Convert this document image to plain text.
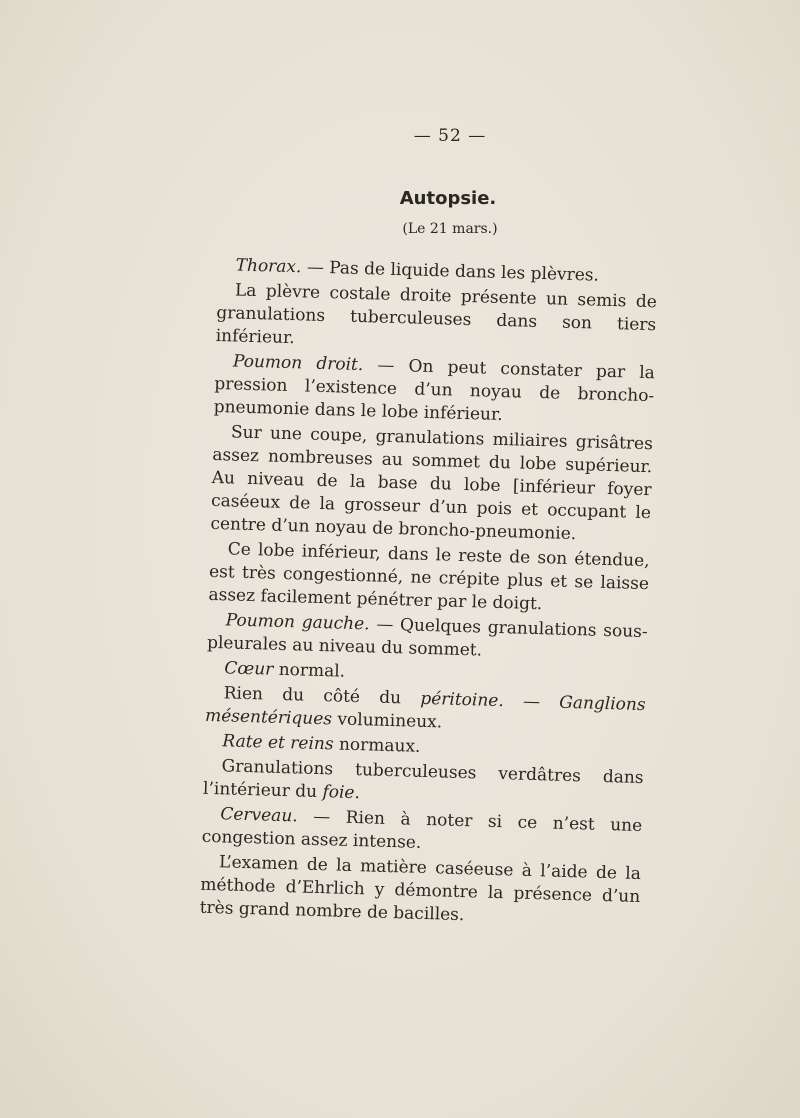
— 52 —
Autopsie.
(Le 21 mars.)

Thorax. — Pas de liquide dans les plèvres.

La plèvre costale droite présente un semis de granulations tuberculeuses dans son tiers inférieur.

Poumon droit. — On peut constater par la pression l’existence d’un noyau de broncho-pneumonie dans le lobe inférieur.

Sur une coupe, granulations miliaires grisâtres assez nombreuses au sommet du lobe supérieur. Au niveau de la base du lobe [inférieur foyer caséeux de la grosseur d’un pois et occupant le centre d’un noyau de broncho-pneumonie.

Ce lobe inférieur, dans le reste de son étendue, est très congestionné, ne crépite plus et se laisse assez facilement pénétrer par le doigt.

Poumon gauche. — Quelques granulations sous-pleurales au niveau du sommet.

Cœur normal.

Rien du côté du péritoine. — Ganglions mésentériques volumineux.

Rate et reins normaux.

Granulations tuberculeuses verdâtres dans l’intérieur du foie.

Cerveau. — Rien à noter si ce n’est une congestion assez intense.

L’examen de la matière caséeuse à l’aide de la méthode d’Ehrlich y démontre la présence d’un très grand nombre de bacilles.
